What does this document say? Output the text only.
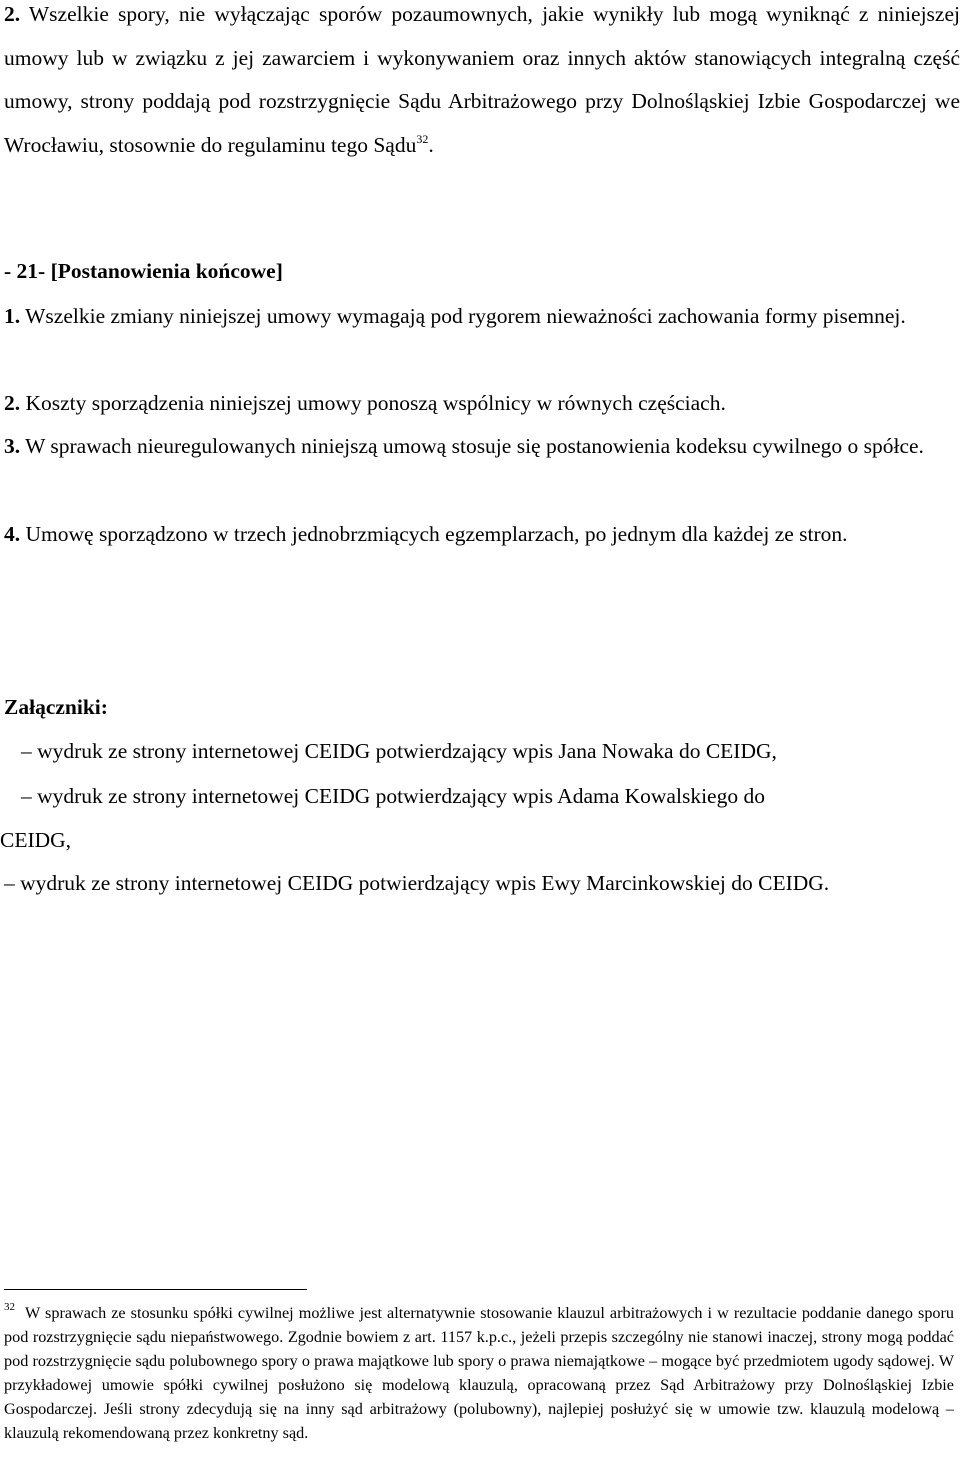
2. Wszelkie spory, nie wyłączając sporów pozaumownych, jakie wynikły lub mogą wyniknąć z niniejszej umowy lub w związku z jej zawarciem i wykonywaniem oraz innych aktów stanowiących integralną część umowy, strony poddają pod rozstrzygnięcie Sądu Arbitrażowego przy Dolnośląskiej Izbie Gospodarczej we Wrocławiu, stosownie do regulaminu tego Sądu$^{32}$.

- 21- [Postanowienia końcowe]

1. Wszelkie zmiany niniejszej umowy wymagają pod rygorem nieważności zachowania formy pisemnej.

2. Koszty sporządzenia niniejszej umowy ponoszą wspólnicy w równych częściach.

3. W sprawach nieuregulowanych niniejszą umową stosuje się postanowienia kodeksu cywilnego o spółce.

4. Umowę sporządzono w trzech jednobrzmiących egzemplarzach, po jednym dla każdej ze stron.

Załączniki:

– wydruk ze strony internetowej CEIDG potwierdzający wpis Jana Nowaka do CEIDG,

– wydruk ze strony internetowej CEIDG potwierdzający wpis Adama Kowalskiego do
CEIDG,

– wydruk ze strony internetowej CEIDG potwierdzający wpis Ewy Marcinkowskiej do CEIDG.

$^{32}$ W sprawach ze stosunku spółki cywilnej możliwe jest alternatywnie stosowanie klauzul arbitrażowych i w rezultacie poddanie danego sporu pod rozstrzygnięcie sądu niepaństwowego. Zgodnie bowiem z art. 1157 k.p.c., jeżeli przepis szczególny nie stanowi inaczej, strony mogą poddać pod rozstrzygnięcie sądu polubownego spory o prawa majątkowe lub spory o prawa niemajątkowe – mogące być przedmiotem ugody sądowej. W przykładowej umowie spółki cywilnej posłużono się modelową klauzulą, opracowaną przez Sąd Arbitrażowy przy Dolnośląskiej Izbie Gospodarczej. Jeśli strony zdecydują się na inny sąd arbitrażowy (polubowny), najlepiej posłużyć się w umowie tzw. klauzulą modelową – klauzulą rekomendowaną przez konkretny sąd.
